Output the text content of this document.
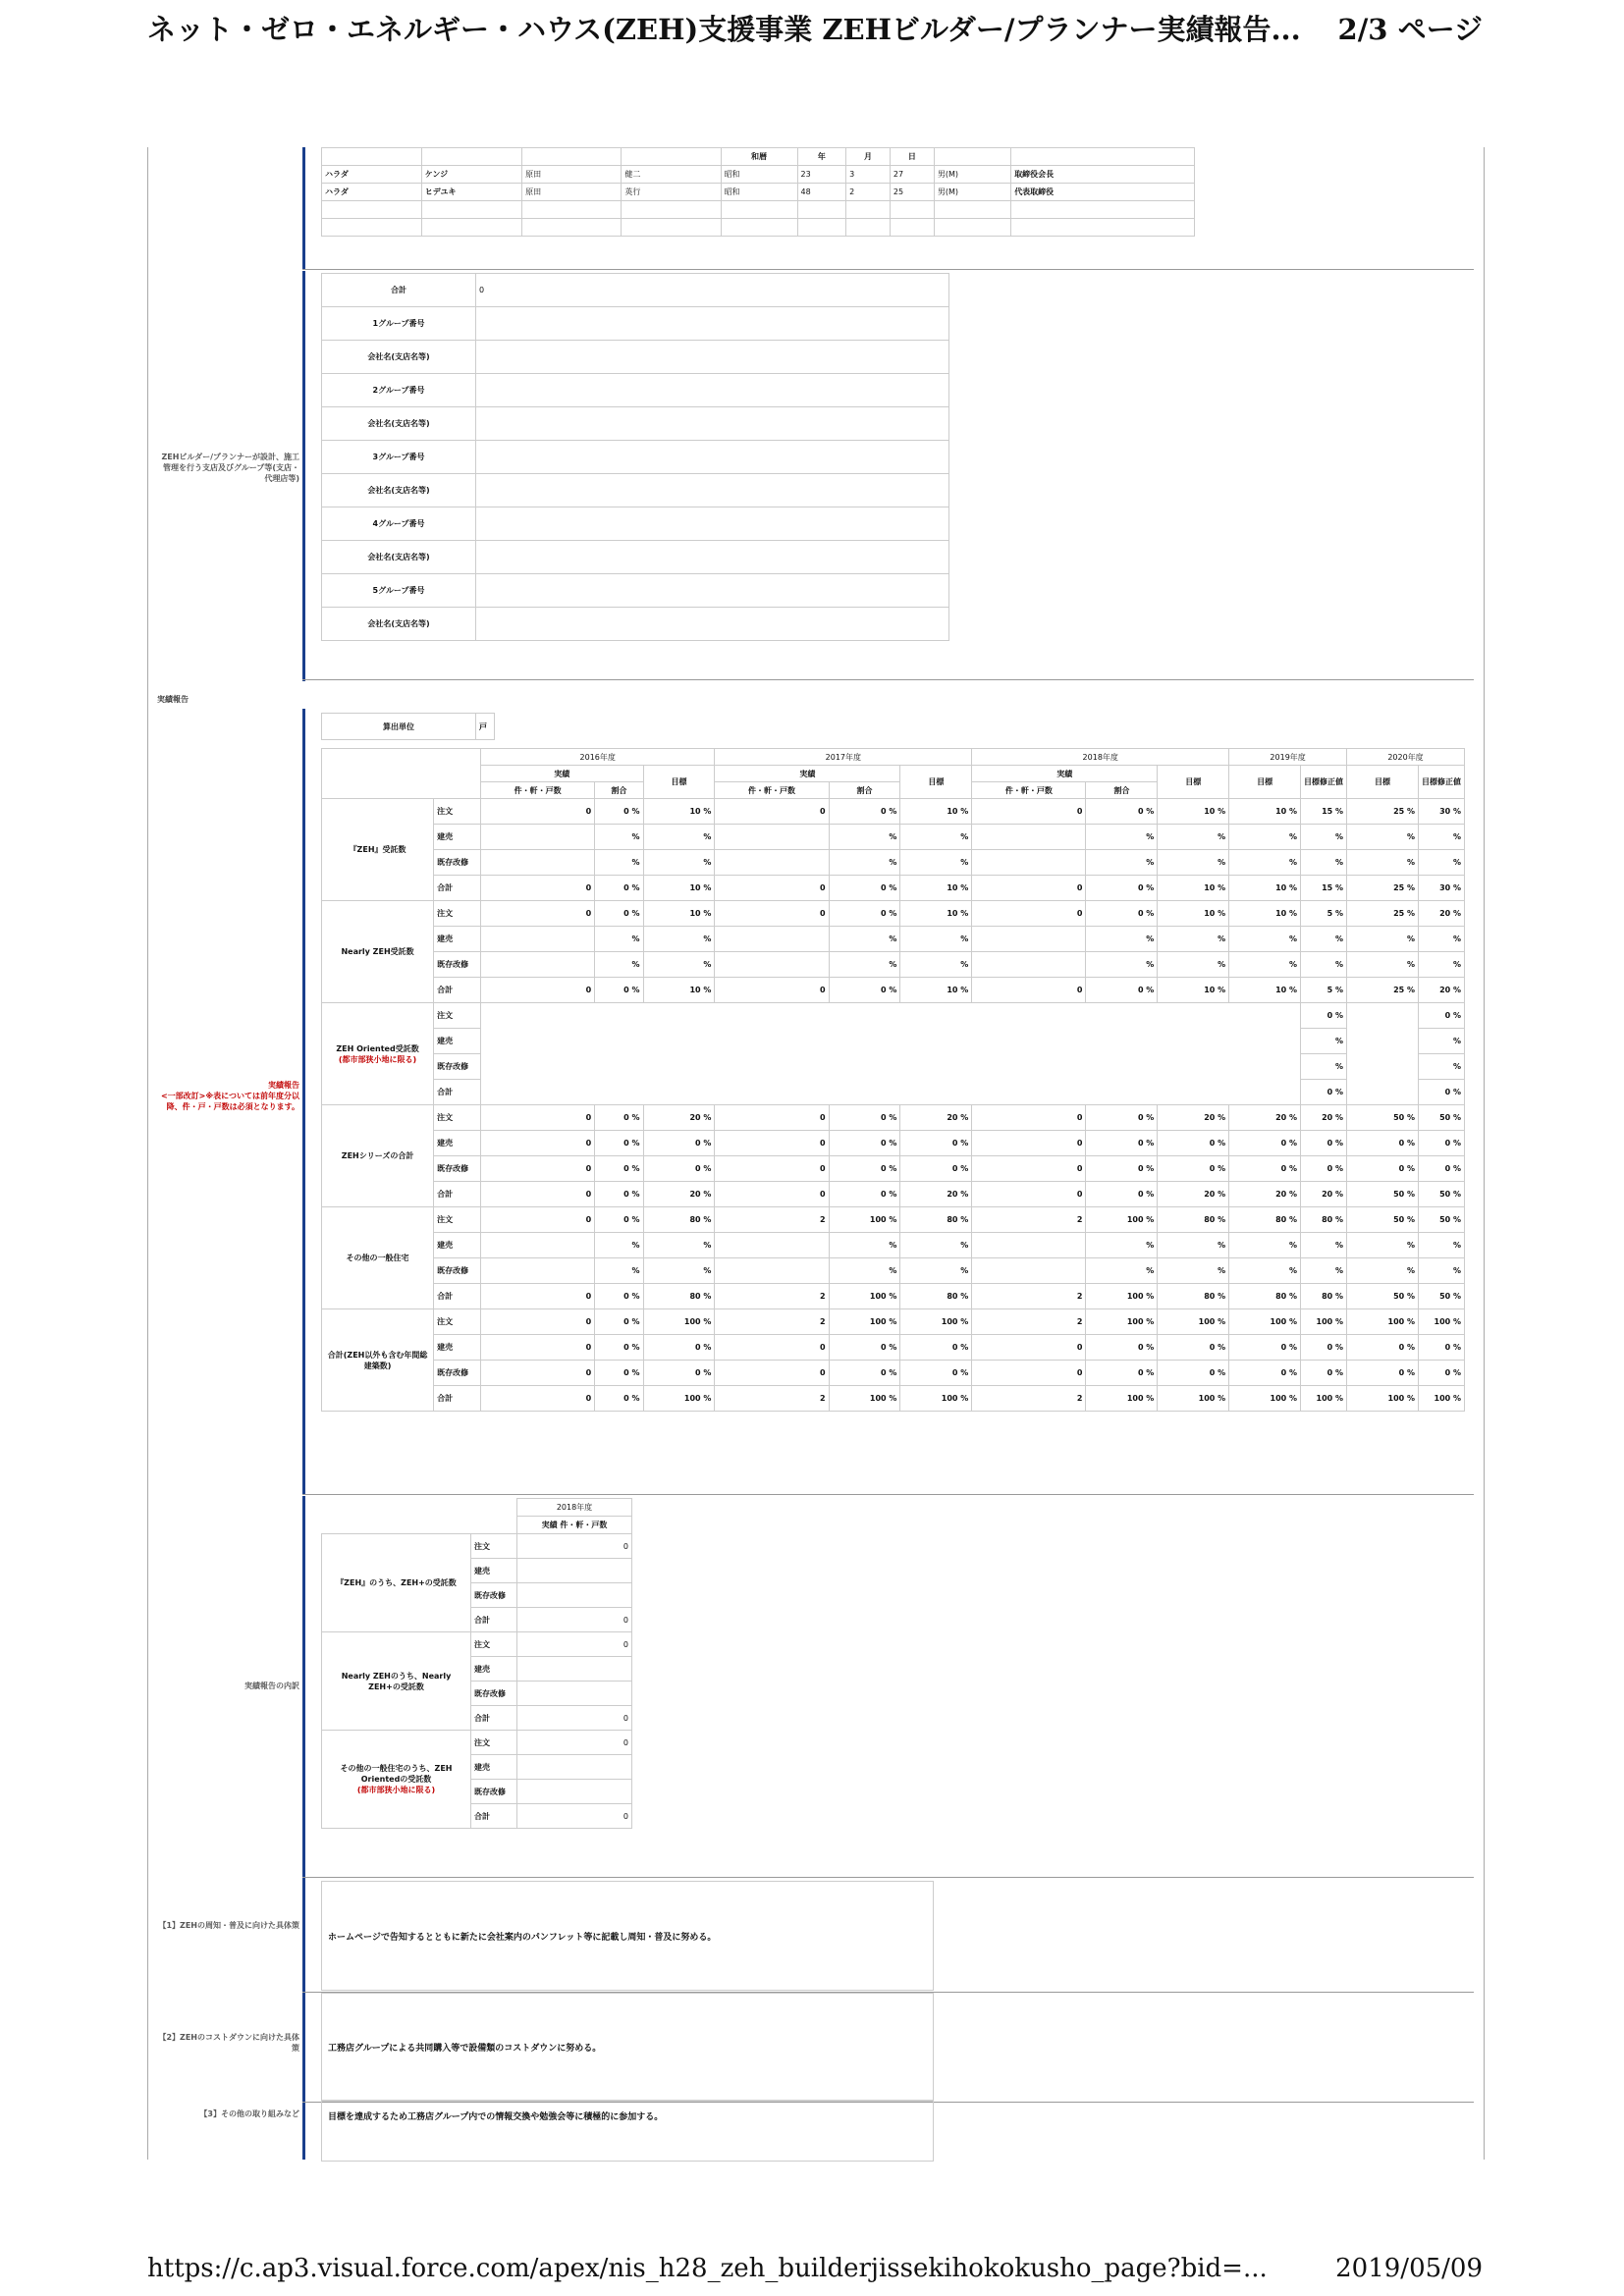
ネット・ゼロ・エネルギー・ハウス(ZEH)支援事業 ZEHビルダー/プランナー実績報告... 2/3 ページ
				和暦	年	月	日		
ハラダ	ケンジ	原田	健二	昭和	23	3	27	男(M)	取締役会長
ハラダ	ヒデユキ	原田	英行	昭和	48	2	25	男(M)	代表取締役

ZEHビルダー/プランナーが設計、施工管理を行う支店及びグループ等(支店・代理店等)
合計	0
1グループ番号	
会社名(支店名等)	
2グループ番号	
会社名(支店名等)	
3グループ番号	
会社名(支店名等)	
4グループ番号	
会社名(支店名等)	
5グループ番号	
会社名(支店名等)	
実績報告
実績報告
<一部改訂>※表については前年度分以降、件・戸・戸数は必須となります。
算出単位	戸
		2016年度			2017年度			2018年度			2019年度		2020年度	
		実績		目標	実績		目標	実績		目標	目標	目標修正値	目標	目標修正値
		件・軒・戸数	割合		件・軒・戸数	割合		件・軒・戸数	割合					
『ZEH』受託数	注文	0	0 %	10 %	0	0 %	10 %	0	0 %	10 %	10 %	15 %	25 %	30 %
	建売		%	%		%	%		%	%	%	%	%	%
	既存改修		%	%		%	%		%	%	%	%	%	%
	合計	0	0 %	10 %	0	0 %	10 %	0	0 %	10 %	10 %	15 %	25 %	30 %
Nearly ZEH受託数	注文	0	0 %	10 %	0	0 %	10 %	0	0 %	10 %	10 %	5 %	25 %	20 %
	建売		%	%		%	%		%	%	%	%	%	%
	既存改修		%	%		%	%		%	%	%	%	%	%
	合計	0	0 %	10 %	0	0 %	10 %	0	0 %	10 %	10 %	5 %	25 %	20 %
ZEH Oriented受託数
(都市部狭小地に限る)	注文											0 %		0 %
	建売											%		%
	既存改修											%		%
	合計											0 %		0 %
ZEHシリーズの合計	注文	0	0 %	20 %	0	0 %	20 %	0	0 %	20 %	20 %	20 %	50 %	50 %
	建売	0	0 %	0 %	0	0 %	0 %	0	0 %	0 %	0 %	0 %	0 %	0 %
	既存改修	0	0 %	0 %	0	0 %	0 %	0	0 %	0 %	0 %	0 %	0 %	0 %
	合計	0	0 %	20 %	0	0 %	20 %	0	0 %	20 %	20 %	20 %	50 %	50 %
その他の一般住宅	注文	0	0 %	80 %	2	100 %	80 %	2	100 %	80 %	80 %	80 %	50 %	50 %
	建売		%	%		%	%		%	%	%	%	%	%
	既存改修		%	%		%	%		%	%	%	%	%	%
	合計	0	0 %	80 %	2	100 %	80 %	2	100 %	80 %	80 %	80 %	50 %	50 %
合計(ZEH以外も含む年間総建築数)	注文	0	0 %	100 %	2	100 %	100 %	2	100 %	100 %	100 %	100 %	100 %	100 %
	建売	0	0 %	0 %	0	0 %	0 %	0	0 %	0 %	0 %	0 %	0 %	0 %
	既存改修	0	0 %	0 %	0	0 %	0 %	0	0 %	0 %	0 %	0 %	0 %	0 %
	合計	0	0 %	100 %	2	100 %	100 %	2	100 %	100 %	100 %	100 %	100 %	100 %
実績報告の内訳
		2018年度
		実績 件・軒・戸数
『ZEH』のうち、ZEH+の受託数	注文	0
	建売	
	既存改修	
	合計	0
Nearly ZEHのうち、Nearly ZEH+の受託数	注文	0
	建売	
	既存改修	
	合計	0
その他の一般住宅のうち、ZEH Orientedの受託数
(都市部狭小地に限る)	注文	0
	建売	
	既存改修	
	合計	0
【1】ZEHの周知・普及に向けた具体策
ホームページで告知するとともに新たに会社案内のパンフレット等に記載し周知・普及に努める。
【2】ZEHのコストダウンに向けた具体策	工務店グループによる共同購入等で設備類のコストダウンに努める。
【3】その他の取り組みなど	目標を達成するため工務店グループ内での情報交換や勉強会等に積極的に参加する。
https://c.ap3.visual.force.com/apex/nis_h28_zeh_builderjissekihokokusho_page?bid=...	2019/05/09
